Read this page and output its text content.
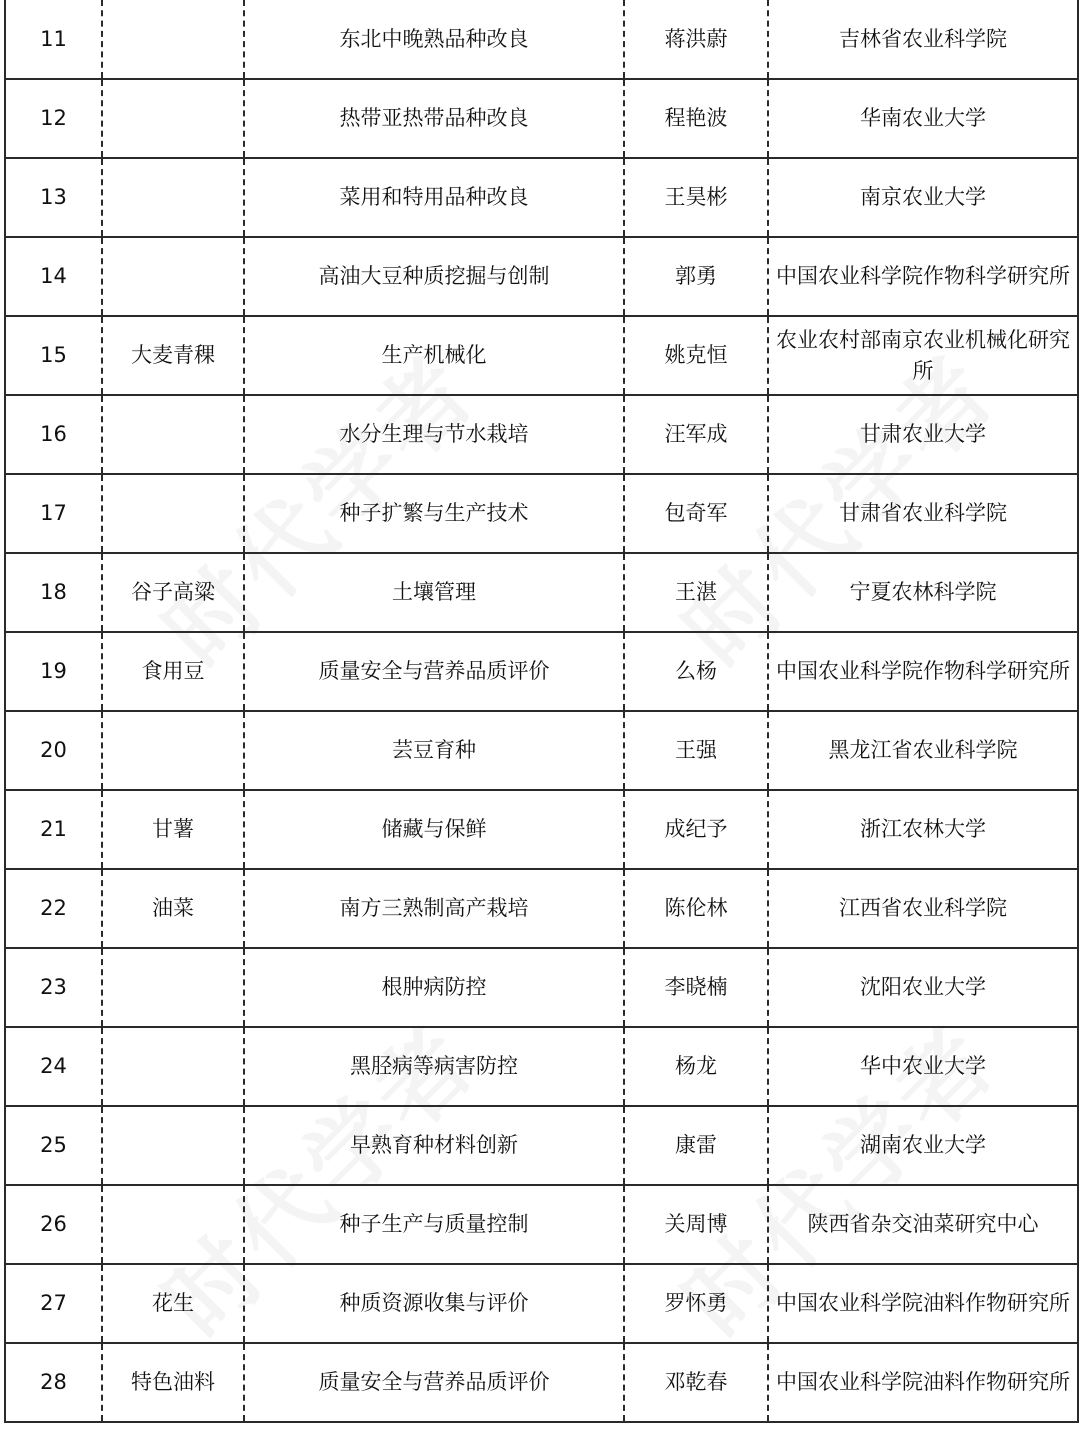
11		东北中晚熟品种改良	蒋洪蔚	吉林省农业科学院
12		热带亚热带品种改良	程艳波	华南农业大学
13		菜用和特用品种改良	王昊彬	南京农业大学
14		高油大豆种质挖掘与创制	郭勇	中国农业科学院作物科学研究所
15	大麦青稞	生产机械化	姚克恒	农业农村部南京农业机械化研究所
16		水分生理与节水栽培	汪军成	甘肃农业大学
17		种子扩繁与生产技术	包奇军	甘肃省农业科学院
18	谷子高粱	土壤管理	王湛	宁夏农林科学院
19	食用豆	质量安全与营养品质评价	么杨	中国农业科学院作物科学研究所
20		芸豆育种	王强	黑龙江省农业科学院
21	甘薯	储藏与保鲜	成纪予	浙江农林大学
22	油菜	南方三熟制高产栽培	陈伦林	江西省农业科学院
23		根肿病防控	李晓楠	沈阳农业大学
24		黑胫病等病害防控	杨龙	华中农业大学
25		早熟育种材料创新	康雷	湖南农业大学
26		种子生产与质量控制	关周博	陕西省杂交油菜研究中心
27	花生	种质资源收集与评价	罗怀勇	中国农业科学院油料作物研究所
28	特色油料	质量安全与营养品质评价	邓乾春	中国农业科学院油料作物研究所
